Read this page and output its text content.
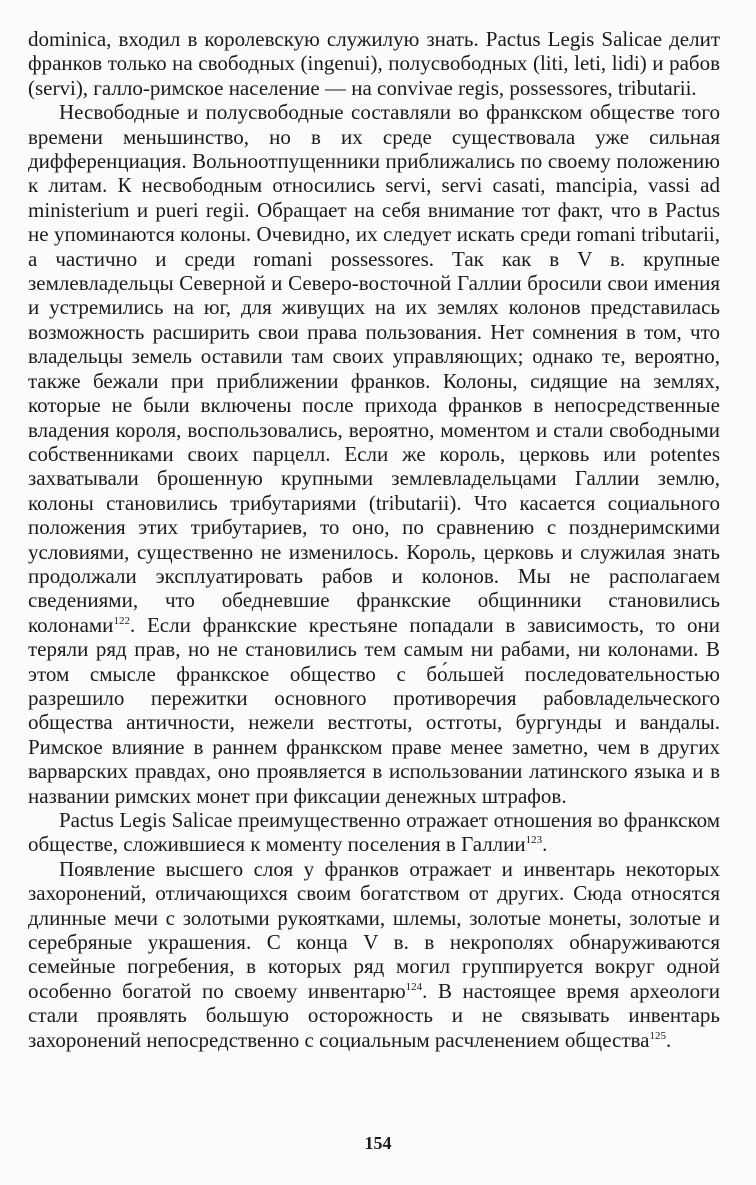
dominica, входил в королевскую служилую знать. Pactus Legis Salicae делит франков только на свободных (ingenui), полусвободных (liti, leti, lidi) и рабов (servi), галло-римское население — на convivae regis, possessores, tributarii.

Несвободные и полусвободные составляли во франкском обществе того времени меньшинство, но в их среде существовала уже сильная дифференциация. Вольноотпущенники приближались по своему положению к литам. К несвободным относились servi, servi casati, mancipia, vassi ad ministerium и pueri regii. Обращает на себя внимание тот факт, что в Pactus не упоминаются колоны. Очевидно, их следует искать среди romani tributarii, а частично и среди romani possessores. Так как в V в. крупные землевладельцы Северной и Северо-восточной Галлии бросили свои имения и устремились на юг, для живущих на их землях колонов представилась возможность расширить свои права пользования. Нет сомнения в том, что владельцы земель оставили там своих управляющих; однако те, вероятно, также бежали при приближении франков. Колоны, сидящие на землях, которые не были включены после прихода франков в непосредственные владения короля, воспользовались, вероятно, моментом и стали свободными собственниками своих парцелл. Если же король, церковь или potentes захватывали брошенную крупными землевладельцами Галлии землю, колоны становились трибутариями (tributarii). Что касается социального положения этих трибутариев, то оно, по сравнению с позднеримскими условиями, существенно не изменилось. Король, церковь и служилая знать продолжали эксплуатировать рабов и колонов. Мы не располагаем сведениями, что обедневшие франкские общинники становились колонами$^{122}$. Если франкские крестьяне попадали в зависимость, то они теряли ряд прав, но не становились тем самым ни рабами, ни колонами. В этом смысле франкское общество с бо́льшей последовательностью разрешило пережитки основного противоречия рабовладельческого общества античности, нежели вестготы, остготы, бургунды и вандалы. Римское влияние в раннем франкском праве менее заметно, чем в других варварских правдах, оно проявляется в использовании латинского языка и в названии римских монет при фиксации денежных штрафов.

Pactus Legis Salicae преимущественно отражает отношения во франкском обществе, сложившиеся к моменту поселения в Галлии$^{123}$.

Появление высшего слоя у франков отражает и инвентарь некоторых захоронений, отличающихся своим богатством от других. Сюда относятся длинные мечи с золотыми рукоятками, шлемы, золотые монеты, золотые и серебряные украшения. С конца V в. в некрополях обнаруживаются семейные погребения, в которых ряд могил группируется вокруг одной особенно богатой по своему инвентарю$^{124}$. В настоящее время археологи стали проявлять большую осторожность и не связывать инвентарь захоронений непосредственно с социальным расчленением общества$^{125}$.

154
